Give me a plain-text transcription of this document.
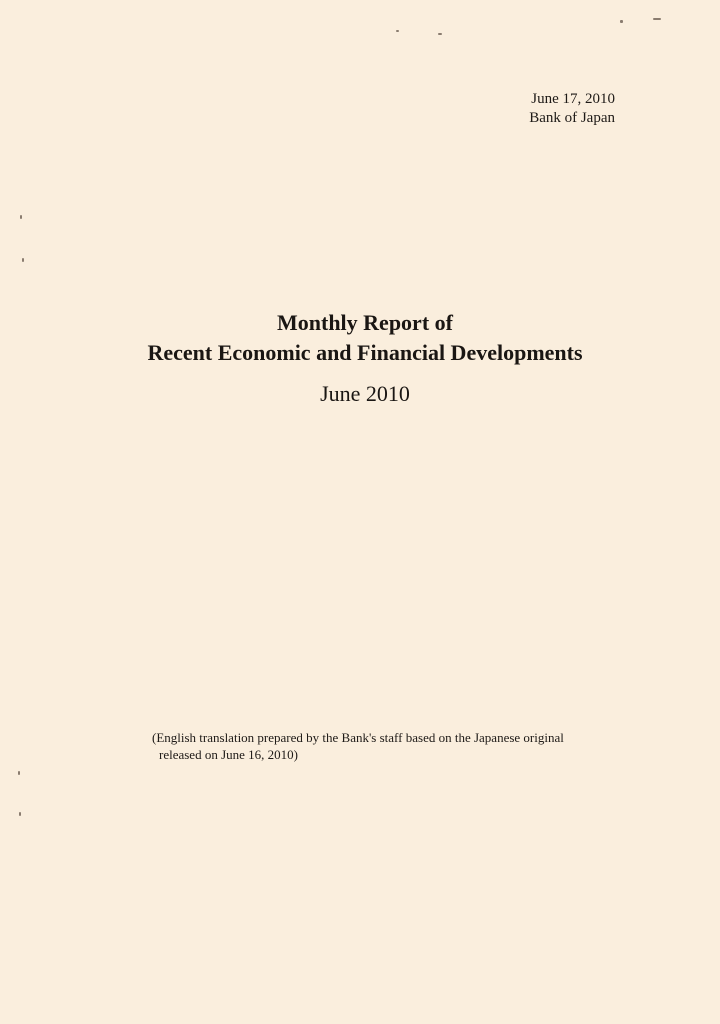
June 17, 2010
Bank of Japan
Monthly Report of
Recent Economic and Financial Developments
June 2010
(English translation prepared by the Bank's staff based on the Japanese original
released on June 16, 2010)
